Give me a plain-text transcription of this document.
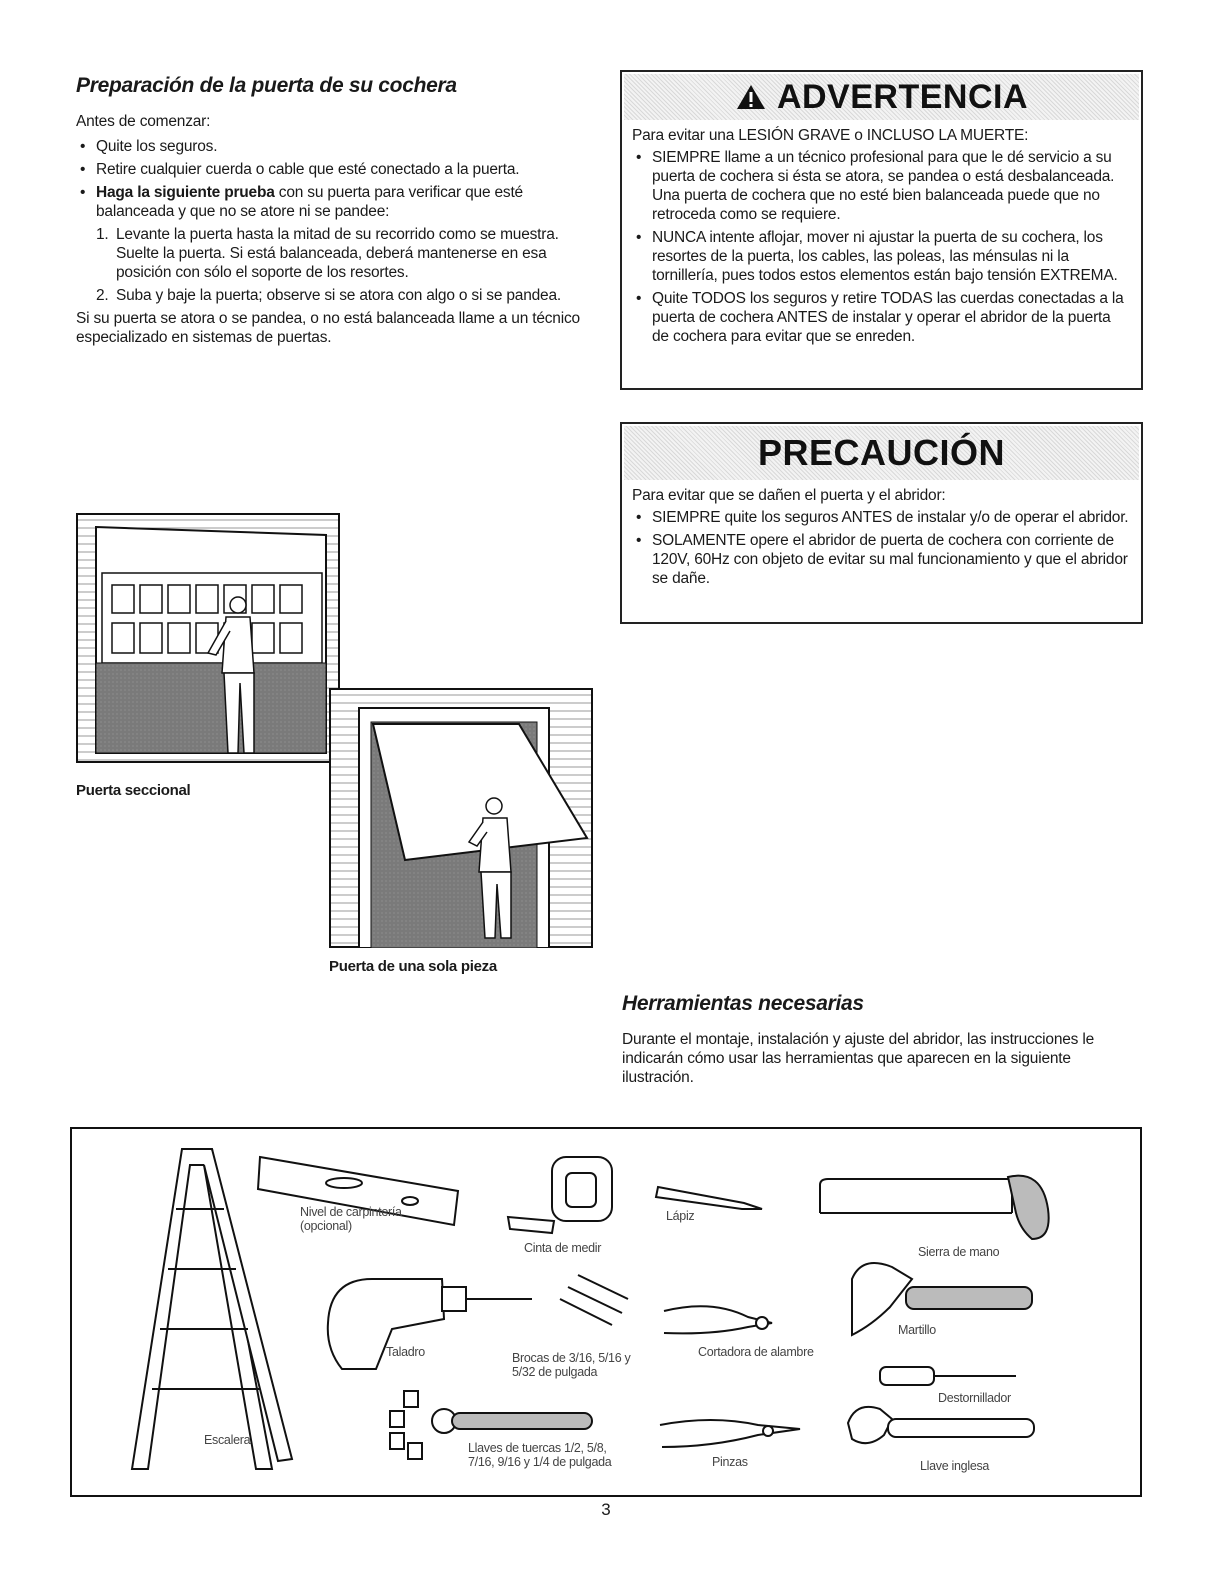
Preparación de la puerta de su cochera
Antes de comenzar:
• Quite los seguros.
• Retire cualquier cuerda o cable que esté conectado a la puerta.
• Haga la siguiente prueba con su puerta para verificar que esté balanceada y que no se atore ni se pandee:
1. Levante la puerta hasta la mitad de su recorrido como se muestra. Suelte la puerta. Si está balanceada, deberá mantenerse en esa posición con sólo el soporte de los resortes.
2. Suba y baje la puerta; observe si se atora con algo o si se pandea.
Si su puerta se atora o se pandea, o no está balanceada llame a un técnico especializado en sistemas de puertas.
ADVERTENCIA
Para evitar una LESIÓN GRAVE o INCLUSO LA MUERTE:
• SIEMPRE llame a un técnico profesional para que le dé servicio a su puerta de cochera si ésta se atora, se pandea o está desbalanceada. Una puerta de cochera que no esté bien balanceada puede que no retroceda como se requiere.
• NUNCA intente aflojar, mover ni ajustar la puerta de su cochera, los resortes de la puerta, los cables, las poleas, las ménsulas ni la tornillería, pues todos estos elementos están bajo tensión EXTREMA.
• Quite TODOS los seguros y retire TODAS las cuerdas conectadas a la puerta de cochera ANTES de instalar y operar el abridor de la puerta de cochera para evitar que se enreden.
PRECAUCIÓN
Para evitar que se dañen el puerta y el abridor:
• SIEMPRE quite los seguros ANTES de instalar y/o de operar el abridor.
• SOLAMENTE opere el abridor de puerta de cochera con corriente de 120V, 60Hz con objeto de evitar su mal funcionamiento y que el abridor se dañe.
Puerta seccional
Puerta de una sola pieza
Herramientas necesarias
Durante el montaje, instalación y ajuste del abridor, las instrucciones le indicarán cómo usar las herramientas que aparecen en la siguiente ilustración.
Nivel de carpintería (opcional)
Cinta de medir
Lápiz
Sierra de mano
Taladro	Brocas de 3/16, 5/16 y 5/32 de pulgada
Cortadora de alambre
Martillo
Destornillador
Escalera
Llaves de tuercas 1/2, 5/8, 7/16, 9/16 y 1/4 de pulgada	Pinzas	Llave inglesa
3
